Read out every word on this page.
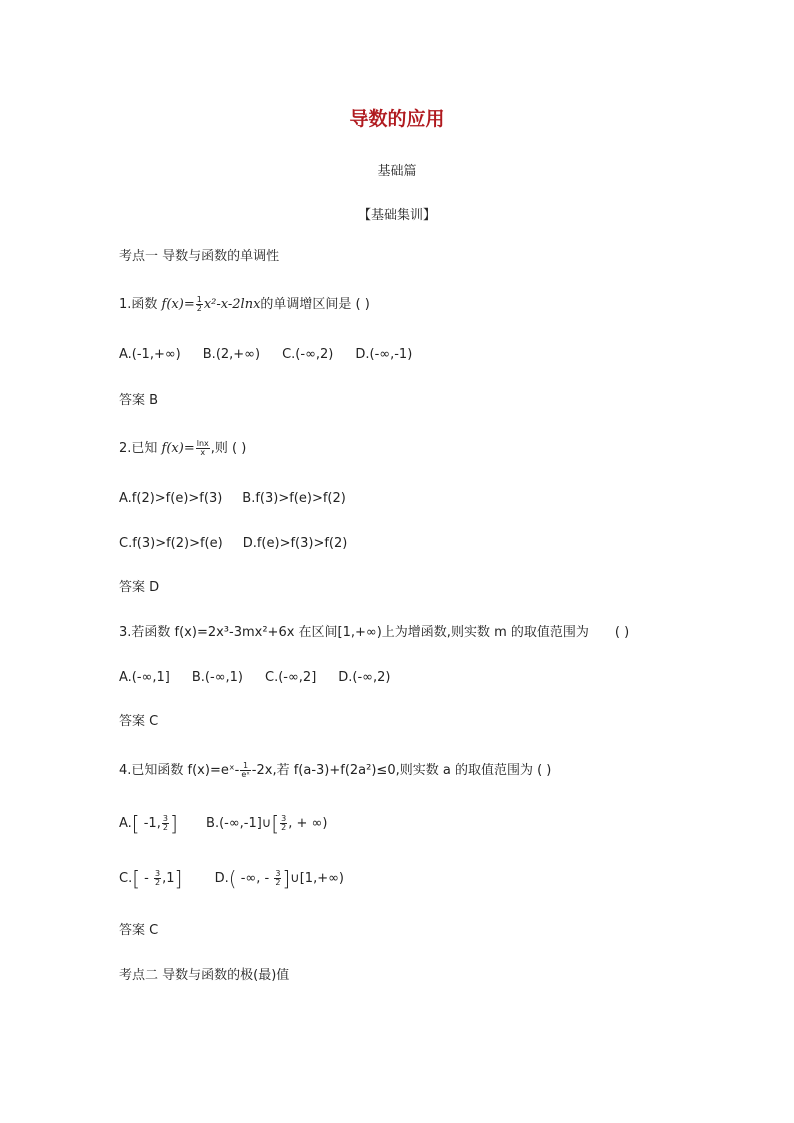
导数的应用
基础篇
【基础集训】
考点一 导数与函数的单调性
1.函数 $f(x)= \frac{1}{2} x^2-x-2\ln x$的单调增区间是 ( )
A.(-1,+∞) B.(2,+∞) C.(-∞,2) D.(-∞,-1)
答案 B
2.已知 $f(x)= \frac{\ln x}{x}$ ,则 ( )
A.f(2)>f(e)>f(3) B.f(3)>f(e)>f(2)
C.f(3)>f(2)>f(e) D.f(e)>f(3)>f(2)
答案 D
3.若函数 f(x)=2x³-3mx²+6x 在区间[1,+∞)上为增函数,则实数 m 的取值范围为 ( )
A.(-∞,1] B.(-∞,1) C.(-∞,2] D.(-∞,2)
答案 C
4.已知函数 f(x)=eˣ- $\frac{1}{\text{eˣ}} -2x$,若 f(a-3)+f(2a²)≤0,则实数 a 的取值范围为 ( )
A.[ -1, $\frac{3}{2}$ ] B.(-∞,-1]∪[ $\frac{3}{2}$ , + ∞)
$C.[ - \frac{3}{2} ,1]$ D.( -∞, - $\frac{3}{2}$ ]∪[1,+∞)
答案 C
考点二 导数与函数的极(最)值
